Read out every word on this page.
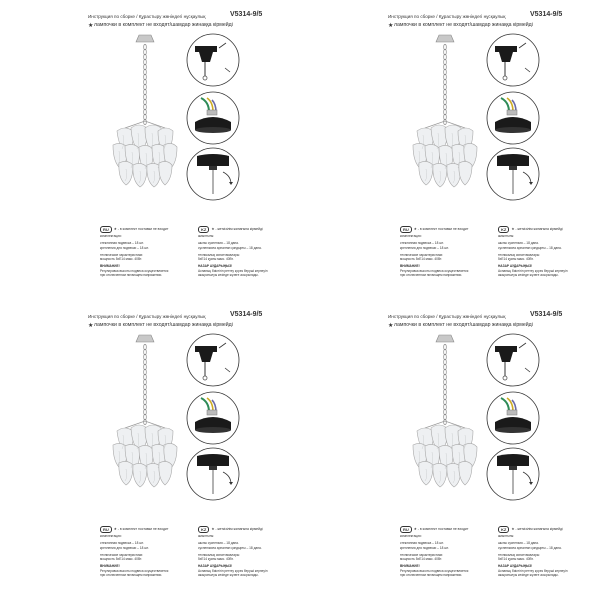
Инструкция по сборке / Құрастыру жөніндегі нұсқаулық	V5314-9/5
★ лампочки в комплект не входят/шамдар жинаққа кірмейді
RU	★ - в комплект поставки не входит
комплектация:
стеклянная подвеска – 18 шт.
крепления для подвески – 18 шт.
технические характеристики:
мощность 5xE14 макс. 40Вт.
ВНИМАНИЕ!
Регулировка высоты подвеса осуществляется
при отключенном питающем напряжении.
KZ	★ - жеткізілім жинағына кірмейді
жиынтығы:
шыны суспензия – 18 дана.
суспензияға арналған қондырғы – 18 дана.
техникалық сипаттамалары:
5xE14 қуаты макс. 40Вт.
НАЗАР АУДАРЫҢЫЗ!
Аспаның биіктігін реттеу қорек берушi кернеуiн
ажыратылуы кезiнде жүзеге асырылады.
Инструкция по сборке / Құрастыру жөніндегі нұсқаулық	V5314-9/5
★ лампочки в комплект не входят/шамдар жинаққа кірмейді
RU	★ - в комплект поставки не входит
комплектация:
стеклянная подвеска – 18 шт.
крепления для подвески – 18 шт.
технические характеристики:
мощность 5xE14 макс. 40Вт.
ВНИМАНИЕ!
Регулировка высоты подвеса осуществляется
при отключенном питающем напряжении.
KZ	★ - жеткізілім жинағына кірмейді
жиынтығы:
шыны суспензия – 18 дана.
суспензияға арналған қондырғы – 18 дана.
техникалық сипаттамалары:
5xE14 қуаты макс. 40Вт.
НАЗАР АУДАРЫҢЫЗ!
Аспаның биіктігін реттеу қорек берушi кернеуiн
ажыратылуы кезiнде жүзеге асырылады.
Инструкция по сборке / Құрастыру жөніндегі нұсқаулық	V5314-9/5
★ лампочки в комплект не входят/шамдар жинаққа кірмейді
RU	★ - в комплект поставки не входит
комплектация:
стеклянная подвеска – 18 шт.
крепления для подвески – 18 шт.
технические характеристики:
мощность 5xE14 макс. 40Вт.
ВНИМАНИЕ!
Регулировка высоты подвеса осуществляется
при отключенном питающем напряжении.
KZ	★ - жеткізілім жинағына кірмейді
жиынтығы:
шыны суспензия – 18 дана.
суспензияға арналған қондырғы – 18 дана.
техникалық сипаттамалары:
5xE14 қуаты макс. 40Вт.
НАЗАР АУДАРЫҢЫЗ!
Аспаның биіктігін реттеу қорек берушi кернеуiн
ажыратылуы кезiнде жүзеге асырылады.
Инструкция по сборке / Құрастыру жөніндегі нұсқаулық	V5314-9/5
★ лампочки в комплект не входят/шамдар жинаққа кірмейді
RU	★ - в комплект поставки не входит
комплектация:
стеклянная подвеска – 18 шт.
крепления для подвески – 18 шт.
технические характеристики:
мощность 5xE14 макс. 40Вт.
ВНИМАНИЕ!
Регулировка высоты подвеса осуществляется
при отключенном питающем напряжении.
KZ	★ - жеткізілім жинағына кірмейді
жиынтығы:
шыны суспензия – 18 дана.
суспензияға арналған қондырғы – 18 дана.
техникалық сипаттамалары:
5xE14 қуаты макс. 40Вт.
НАЗАР АУДАРЫҢЫЗ!
Аспаның биіктігін реттеу қорек берушi кернеуiн
ажыратылуы кезiнде жүзеге асырылады.
